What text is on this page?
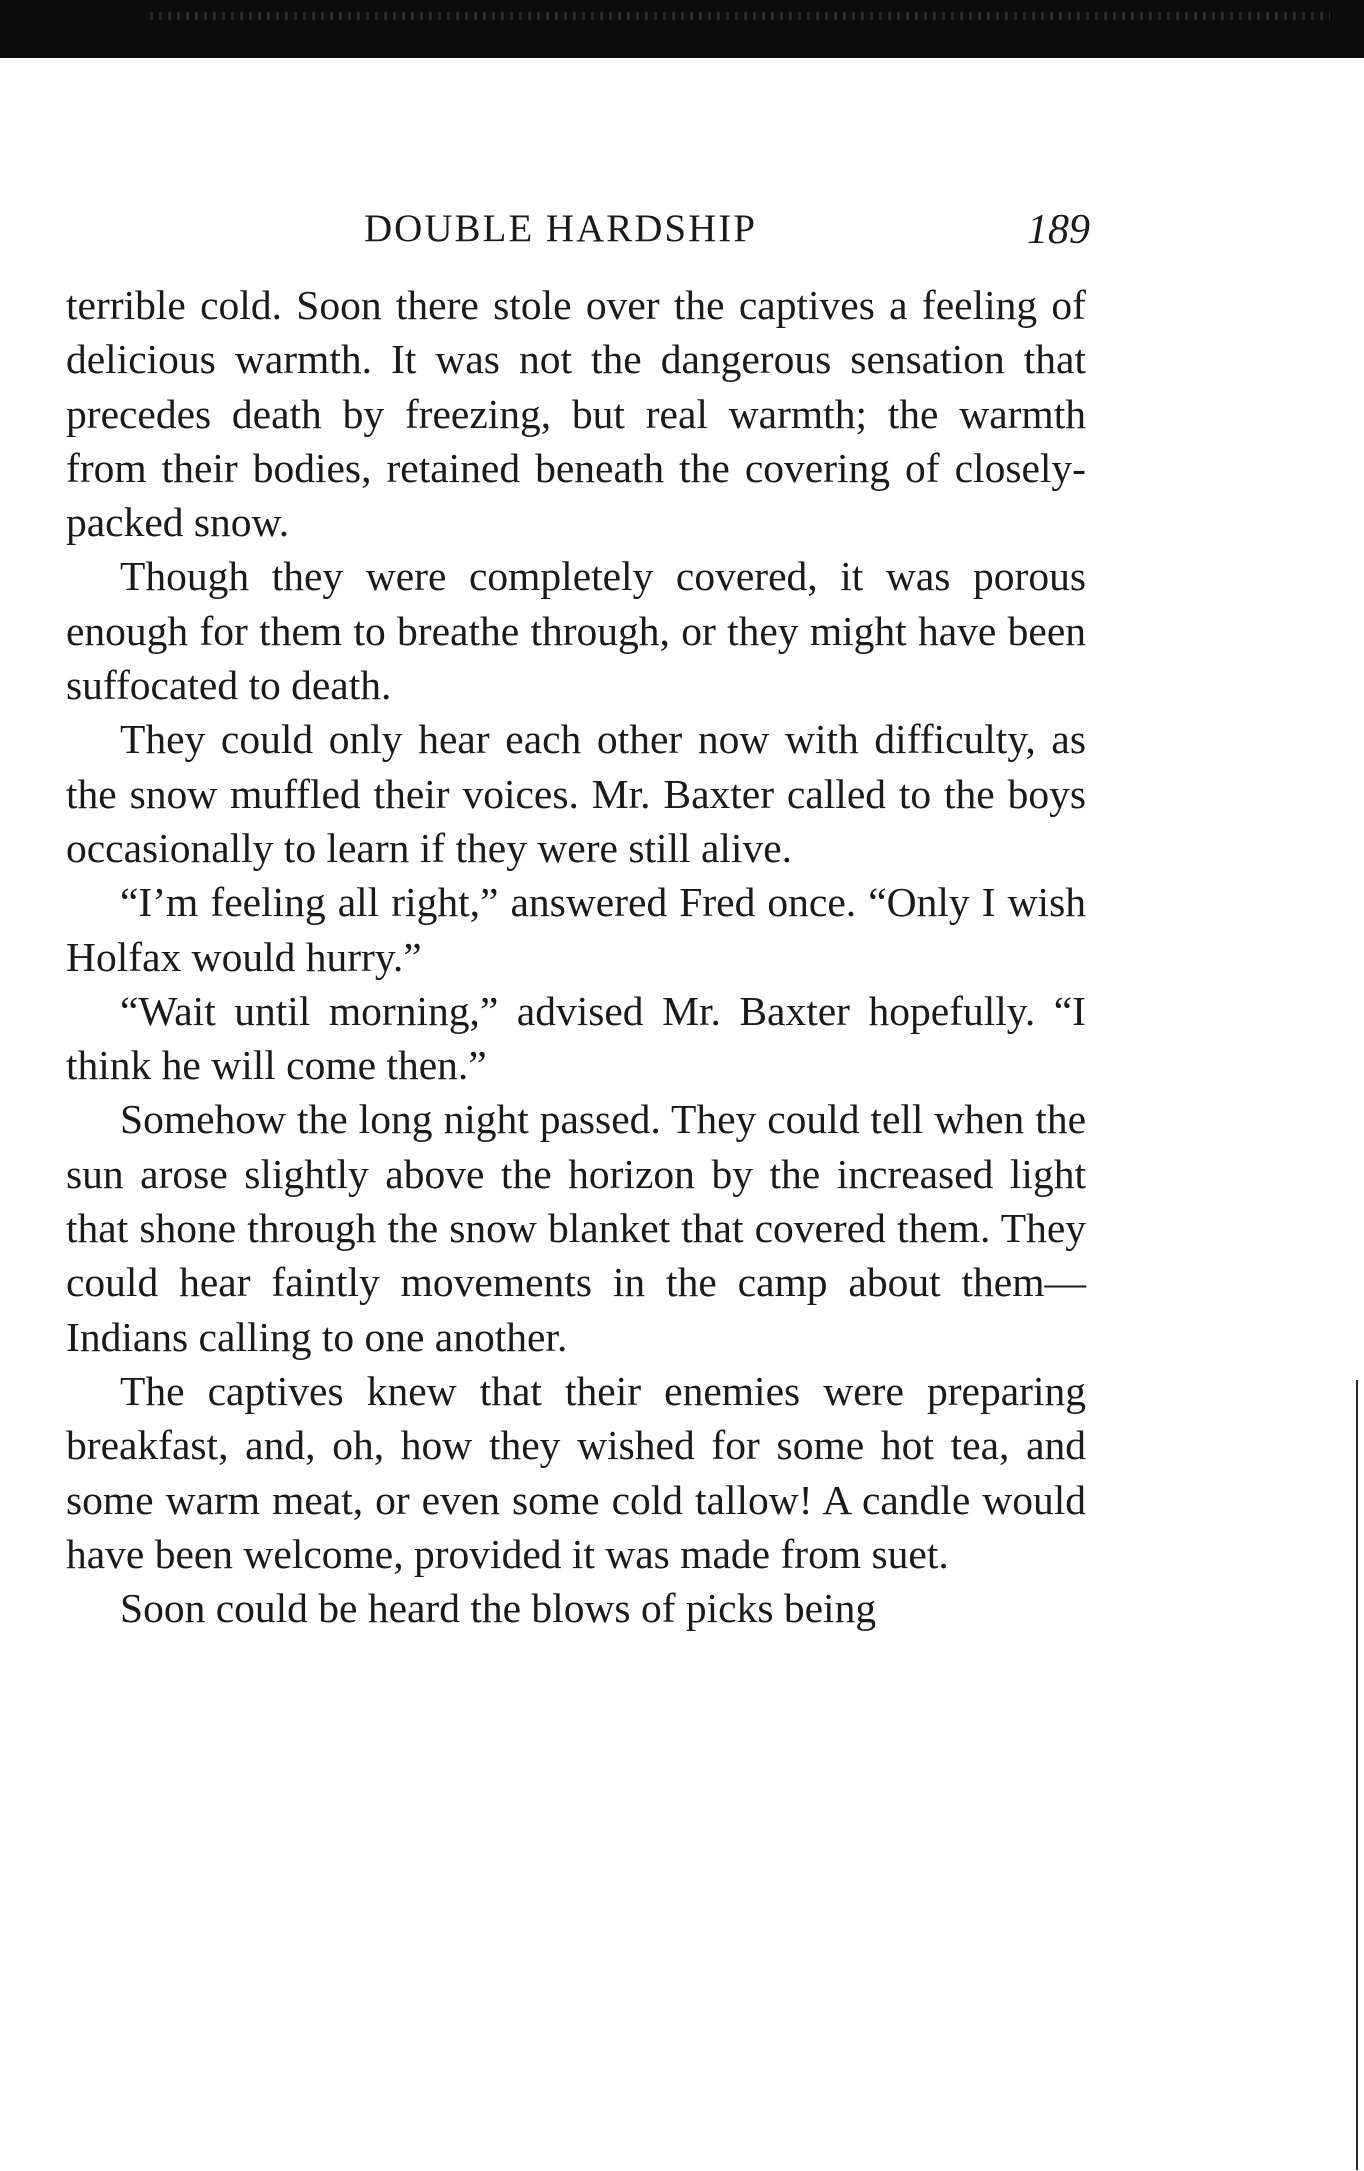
DOUBLE HARDSHIP	189

terrible cold. Soon there stole over the captives a feeling of delicious warmth. It was not the dangerous sensation that precedes death by freezing, but real warmth; the warmth from their bodies, retained beneath the covering of closely-packed snow.

Though they were completely covered, it was porous enough for them to breathe through, or they might have been suffocated to death.

They could only hear each other now with difficulty, as the snow muffled their voices. Mr. Baxter called to the boys occasionally to learn if they were still alive.

“I’m feeling all right,” answered Fred once. “Only I wish Holfax would hurry.”

“Wait until morning,” advised Mr. Baxter hopefully. “I think he will come then.”

Somehow the long night passed. They could tell when the sun arose slightly above the horizon by the increased light that shone through the snow blanket that covered them. They could hear faintly movements in the camp about them—Indians calling to one another.

The captives knew that their enemies were preparing breakfast, and, oh, how they wished for some hot tea, and some warm meat, or even some cold tallow! A candle would have been welcome, provided it was made from suet.

Soon could be heard the blows of picks being
